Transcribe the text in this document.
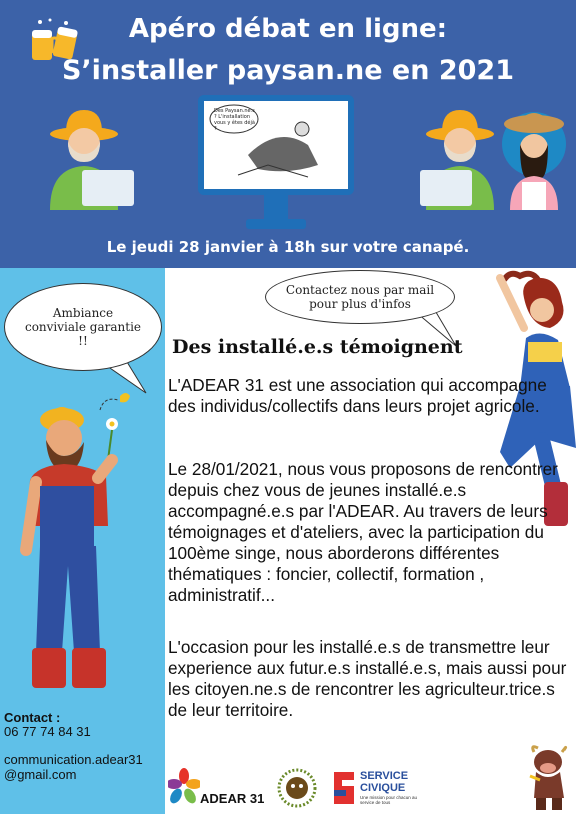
Apéro débat en ligne:
S’installer paysan.ne en 2021
Des Paysan.ne.s ? L'installation vous y êtes déjà ?
Le jeudi 28 janvier à 18h sur votre canapé.
Ambiance conviviale garantie !!
Contactez nous par mail pour plus d'infos
Des installé.e.s témoignent
L'ADEAR 31 est une association qui accompagne des individus/collectifs dans leurs projet agricole.
Le 28/01/2021, nous vous proposons de rencontrer depuis chez vous de jeunes installé.e.s accompagné.e.s par l'ADEAR. Au travers de leurs témoignages et d'ateliers, avec la participation du 100ème singe, nous aborderons différentes thématiques : foncier, collectif, formation , administratif...
L'occasion pour les installé.e.s de transmettre leur experience aux futur.e.s installé.e.s, mais aussi pour les citoyen.ne.s de rencontrer les agriculteur.trice.s de leur territoire.
Contact :
06 77 74 84 31
communication.adear31
@gmail.com
ADEAR 31
SERVICE
CIVIQUE
Une mission pour chacun au service de tous
